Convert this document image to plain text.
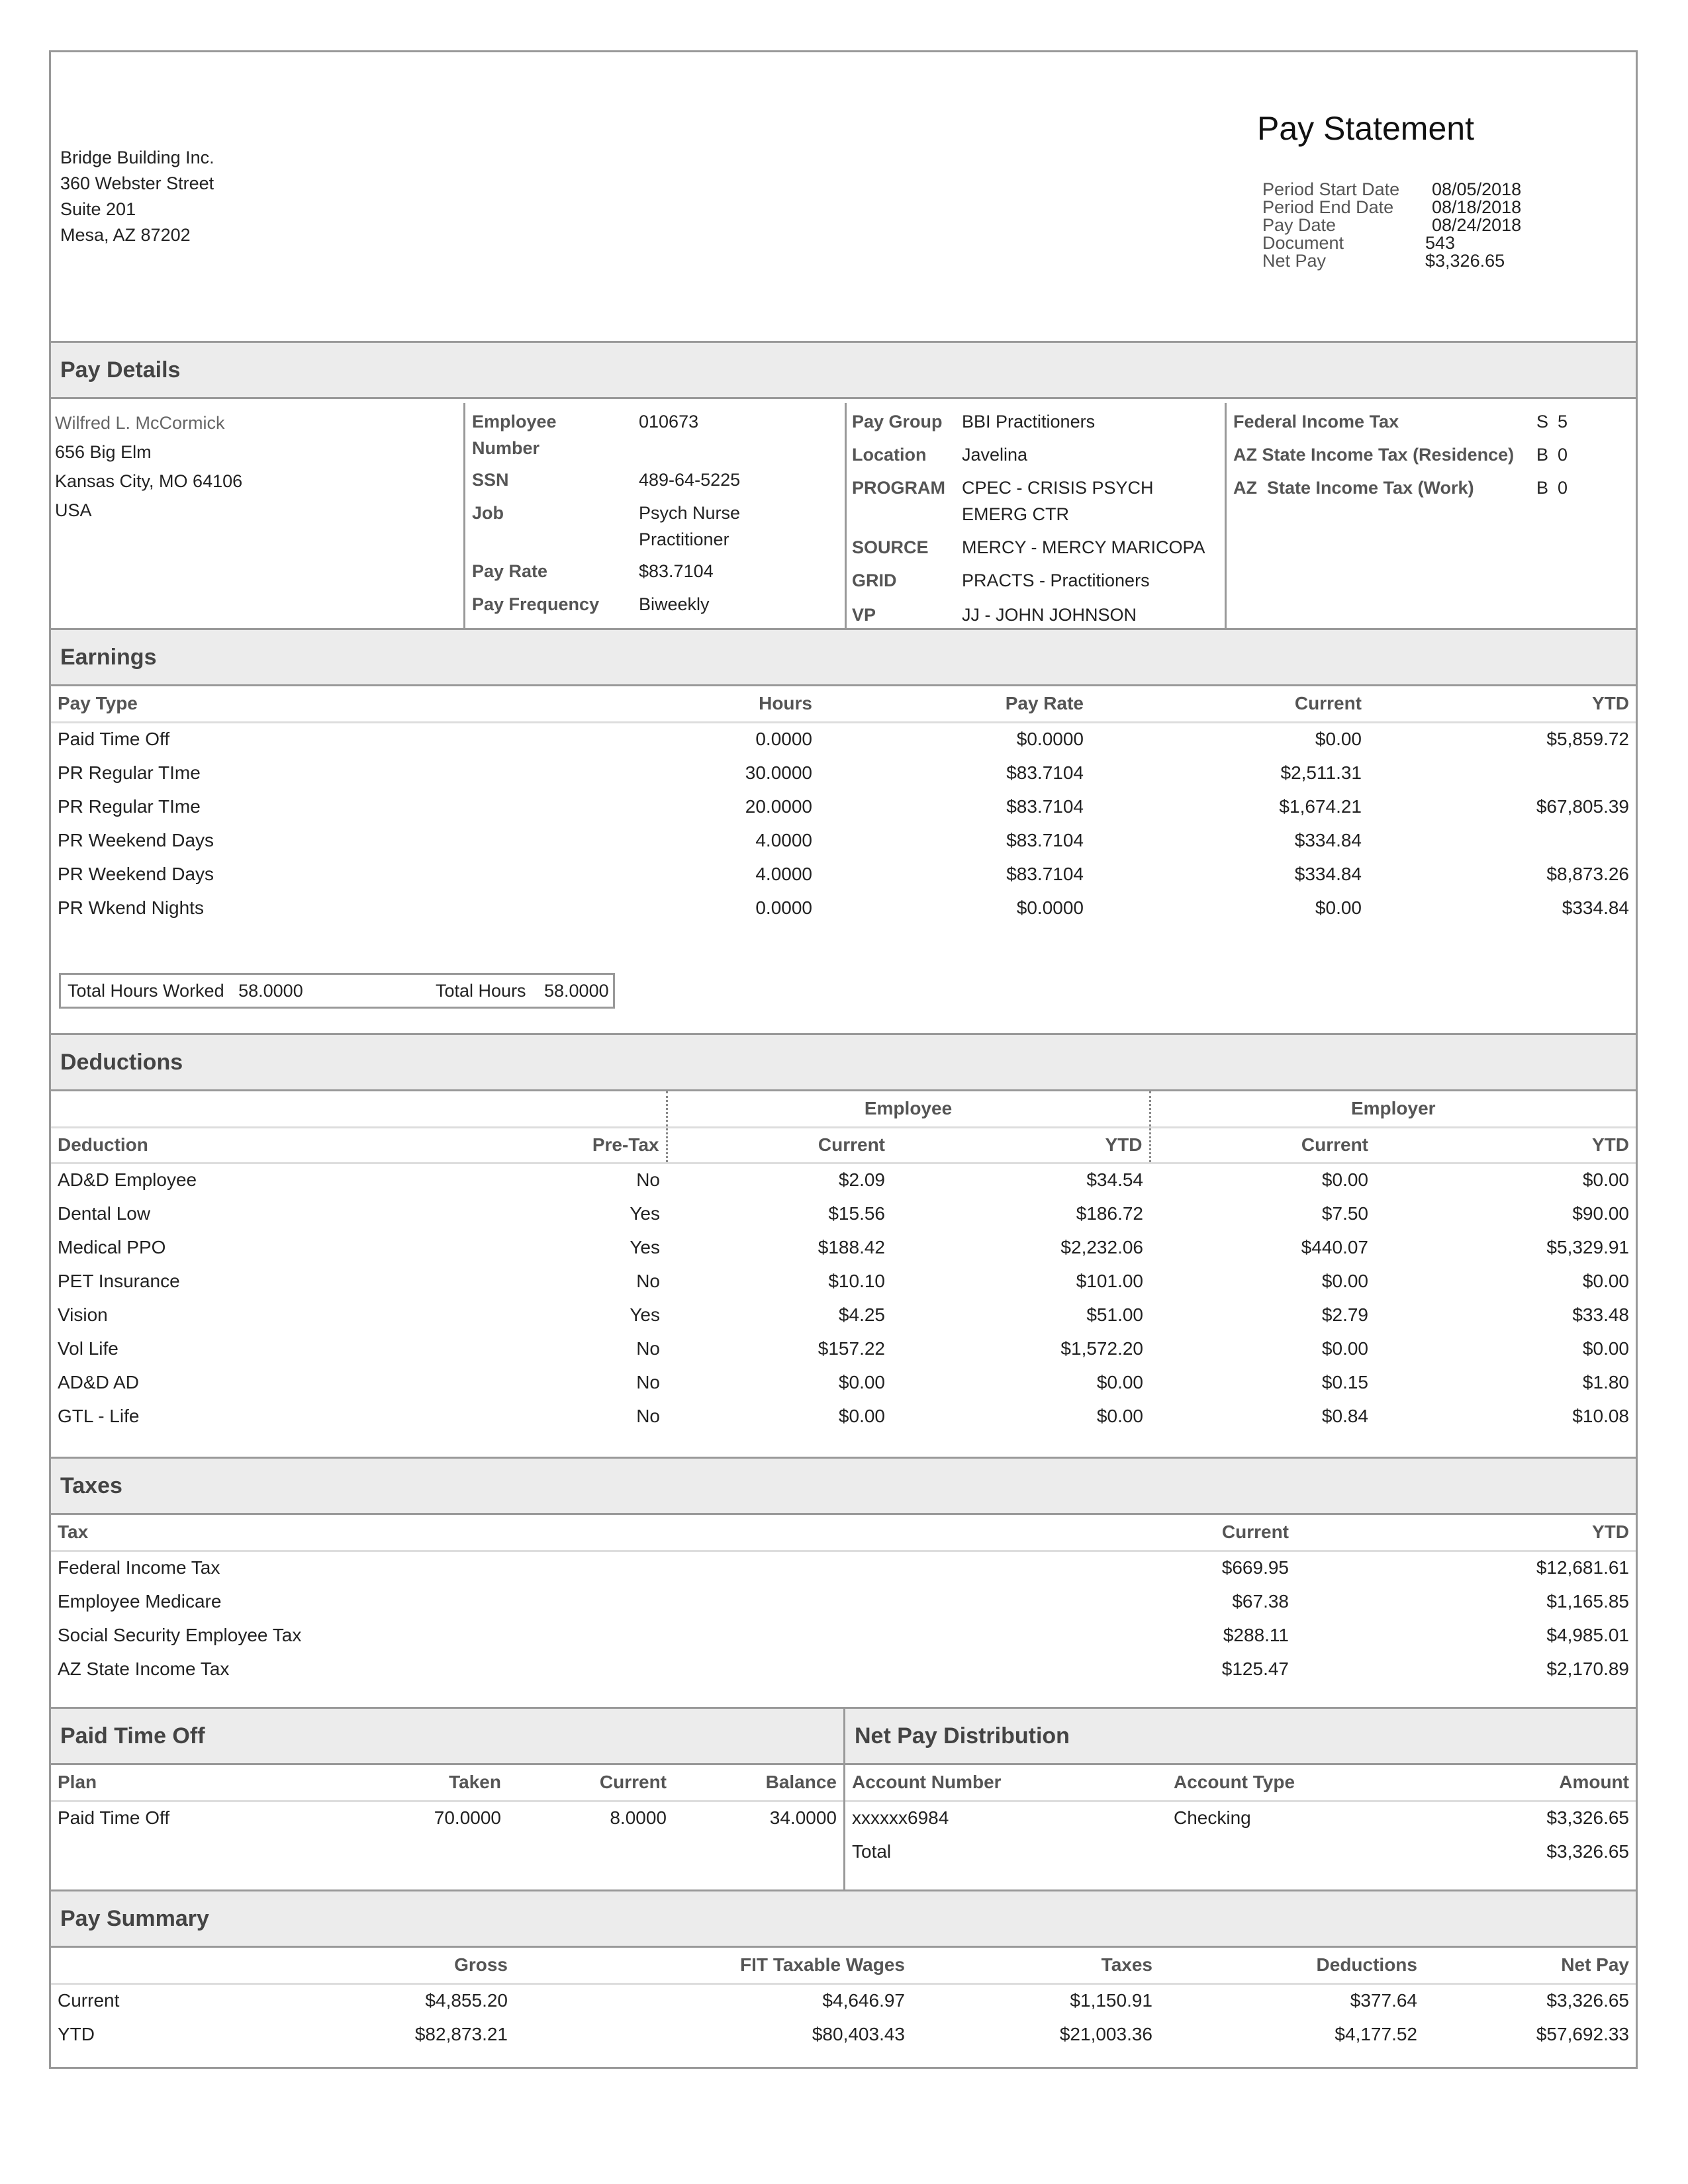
Bridge Building Inc.
360 Webster Street
Suite 201
Mesa, AZ 87202
Pay Statement
Period Start Date	08/05/2018
Period End Date	08/18/2018
Pay Date	08/24/2018
Document	543
Net Pay	$3,326.65
Pay Details
Wilfred L. McCormick
656 Big Elm
Kansas City, MO 64106
USA
Employee Number
010673
SSN	489-64-5225
Job	Psych Nurse Practitioner
Pay Rate	$83.7104
Pay Frequency Biweekly
Pay Group BBI Practitioners
Location Javelina
PROGRAM CPEC - CRISIS PSYCH EMERG CTR
SOURCE MERCY - MERCY MARICOPA
GRID	PRACTS - Practitioners
VP	JJ - JOHN JOHNSON
Federal Income Tax	S 5
AZ State Income Tax (Residence) B 0
AZ  State Income Tax (Work)	B 0
Earnings
Pay Type	Hours	Pay Rate	Current	YTD
Paid Time Off	0.0000	$0.0000	$0.00	$5,859.72
PR Regular TIme	30.0000	$83.7104	$2,511.31	
PR Regular TIme	20.0000	$83.7104	$1,674.21	$67,805.39
PR Weekend Days	4.0000	$83.7104	$334.84	
PR Weekend Days	4.0000	$83.7104	$334.84	$8,873.26
PR Wkend Nights	0.0000	$0.0000	$0.00	$334.84
Total Hours Worked 58.0000	Total Hours 58.0000
Deductions
		Employee		Employer	
Deduction	Pre-Tax	Current	YTD	Current	YTD
AD&D Employee	No	$2.09	$34.54	$0.00	$0.00
Dental Low	Yes	$15.56	$186.72	$7.50	$90.00
Medical PPO	Yes	$188.42	$2,232.06	$440.07	$5,329.91
PET Insurance	No	$10.10	$101.00	$0.00	$0.00
Vision	Yes	$4.25	$51.00	$2.79	$33.48
Vol Life	No	$157.22	$1,572.20	$0.00	$0.00
AD&D AD	No	$0.00	$0.00	$0.15	$1.80
GTL - Life	No	$0.00	$0.00	$0.84	$10.08
Taxes
Tax	Current	YTD
Federal Income Tax	$669.95	$12,681.61
Employee Medicare	$67.38	$1,165.85
Social Security Employee Tax	$288.11	$4,985.01
AZ State Income Tax	$125.47	$2,170.89
Paid Time Off
Plan	Taken	Current	Balance
Paid Time Off	70.0000	8.0000	34.0000
Net Pay Distribution
Account Number	Account Type	Amount
xxxxxx6984	Checking	$3,326.65
Total		$3,326.65
Pay Summary
	Gross	FIT Taxable Wages	Taxes	Deductions	Net Pay
Current	$4,855.20	$4,646.97	$1,150.91	$377.64	$3,326.65
YTD	$82,873.21	$80,403.43	$21,003.36	$4,177.52	$57,692.33
